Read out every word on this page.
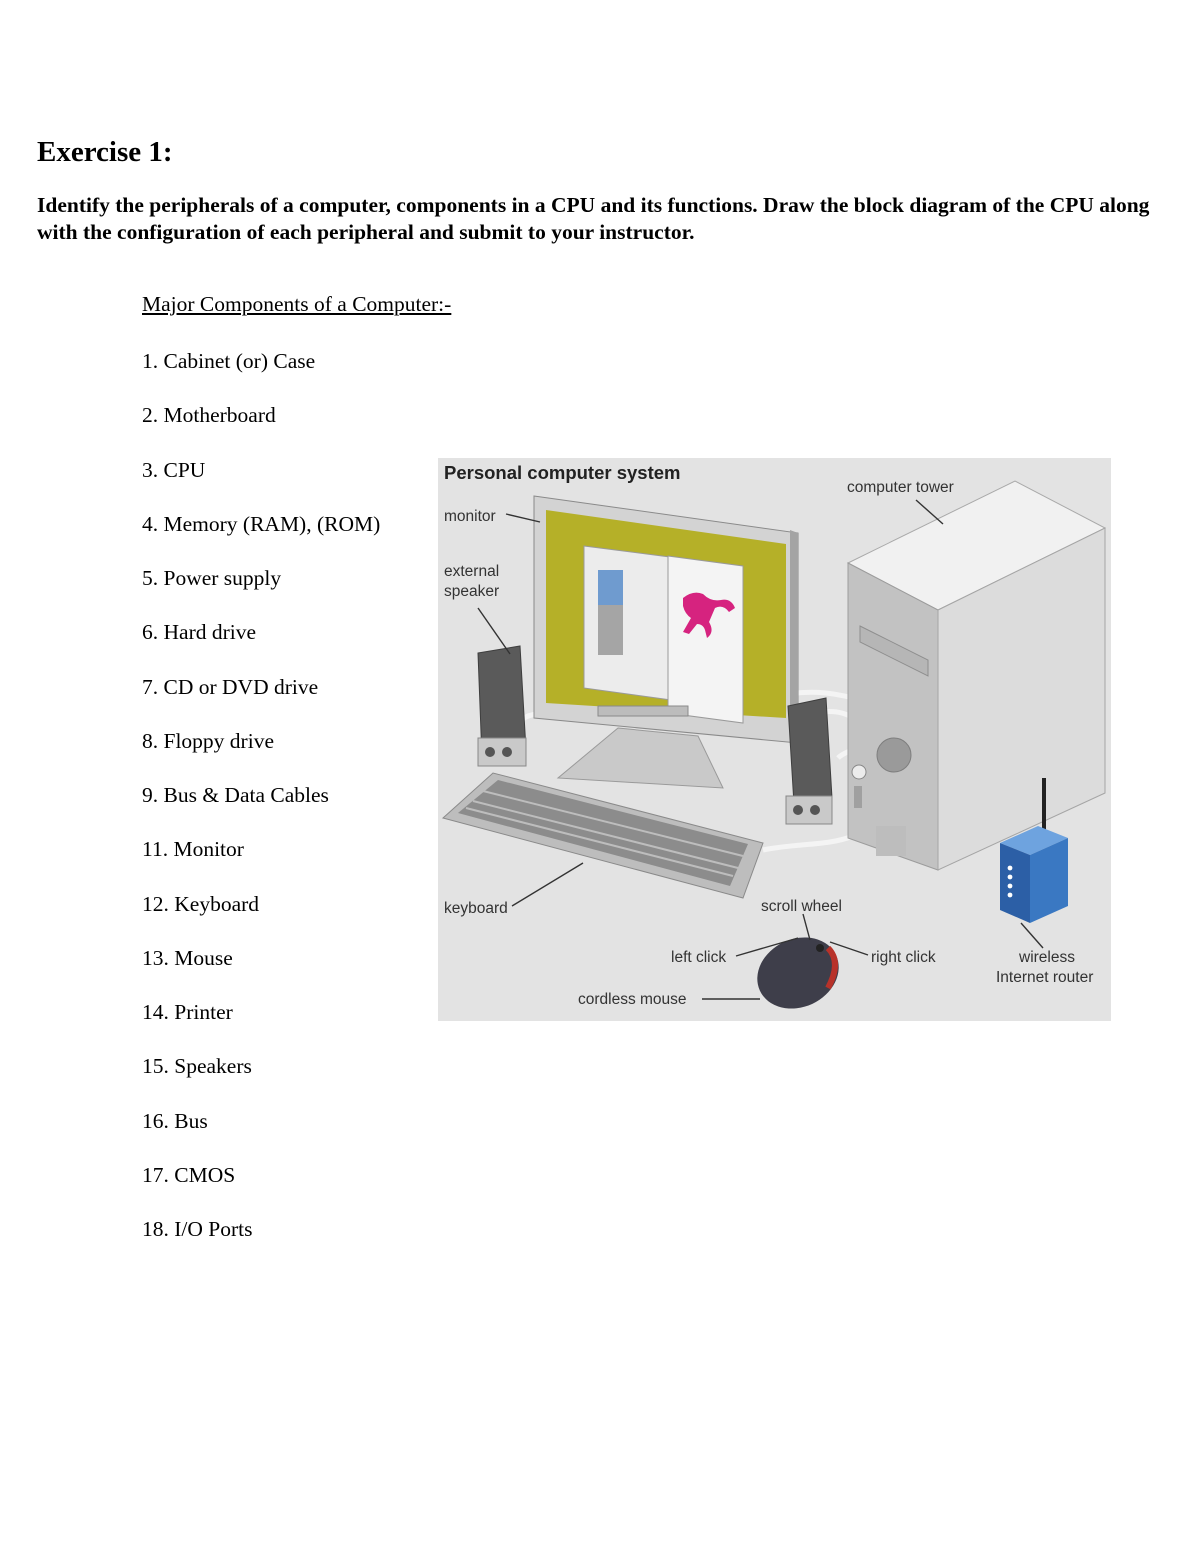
Exercise 1:

Identify the peripherals of a computer, components in a CPU and its functions. Draw the block diagram of the CPU along with the configuration of each peripheral and submit to your instructor.

Major Components of a Computer:-
1. Cabinet (or) Case
2. Motherboard
3. CPU
4. Memory (RAM), (ROM)
5. Power supply
6. Hard drive
7. CD or DVD drive
8. Floppy drive
9. Bus & Data Cables
11. Monitor
12. Keyboard
13. Mouse
14. Printer
15. Speakers
16. Bus
17. CMOS
18. I/O Ports
Personal computer system
monitor
external
speaker
computer tower
keyboard	scroll wheel
left click	right click
cordless mouse
wireless
Internet router
